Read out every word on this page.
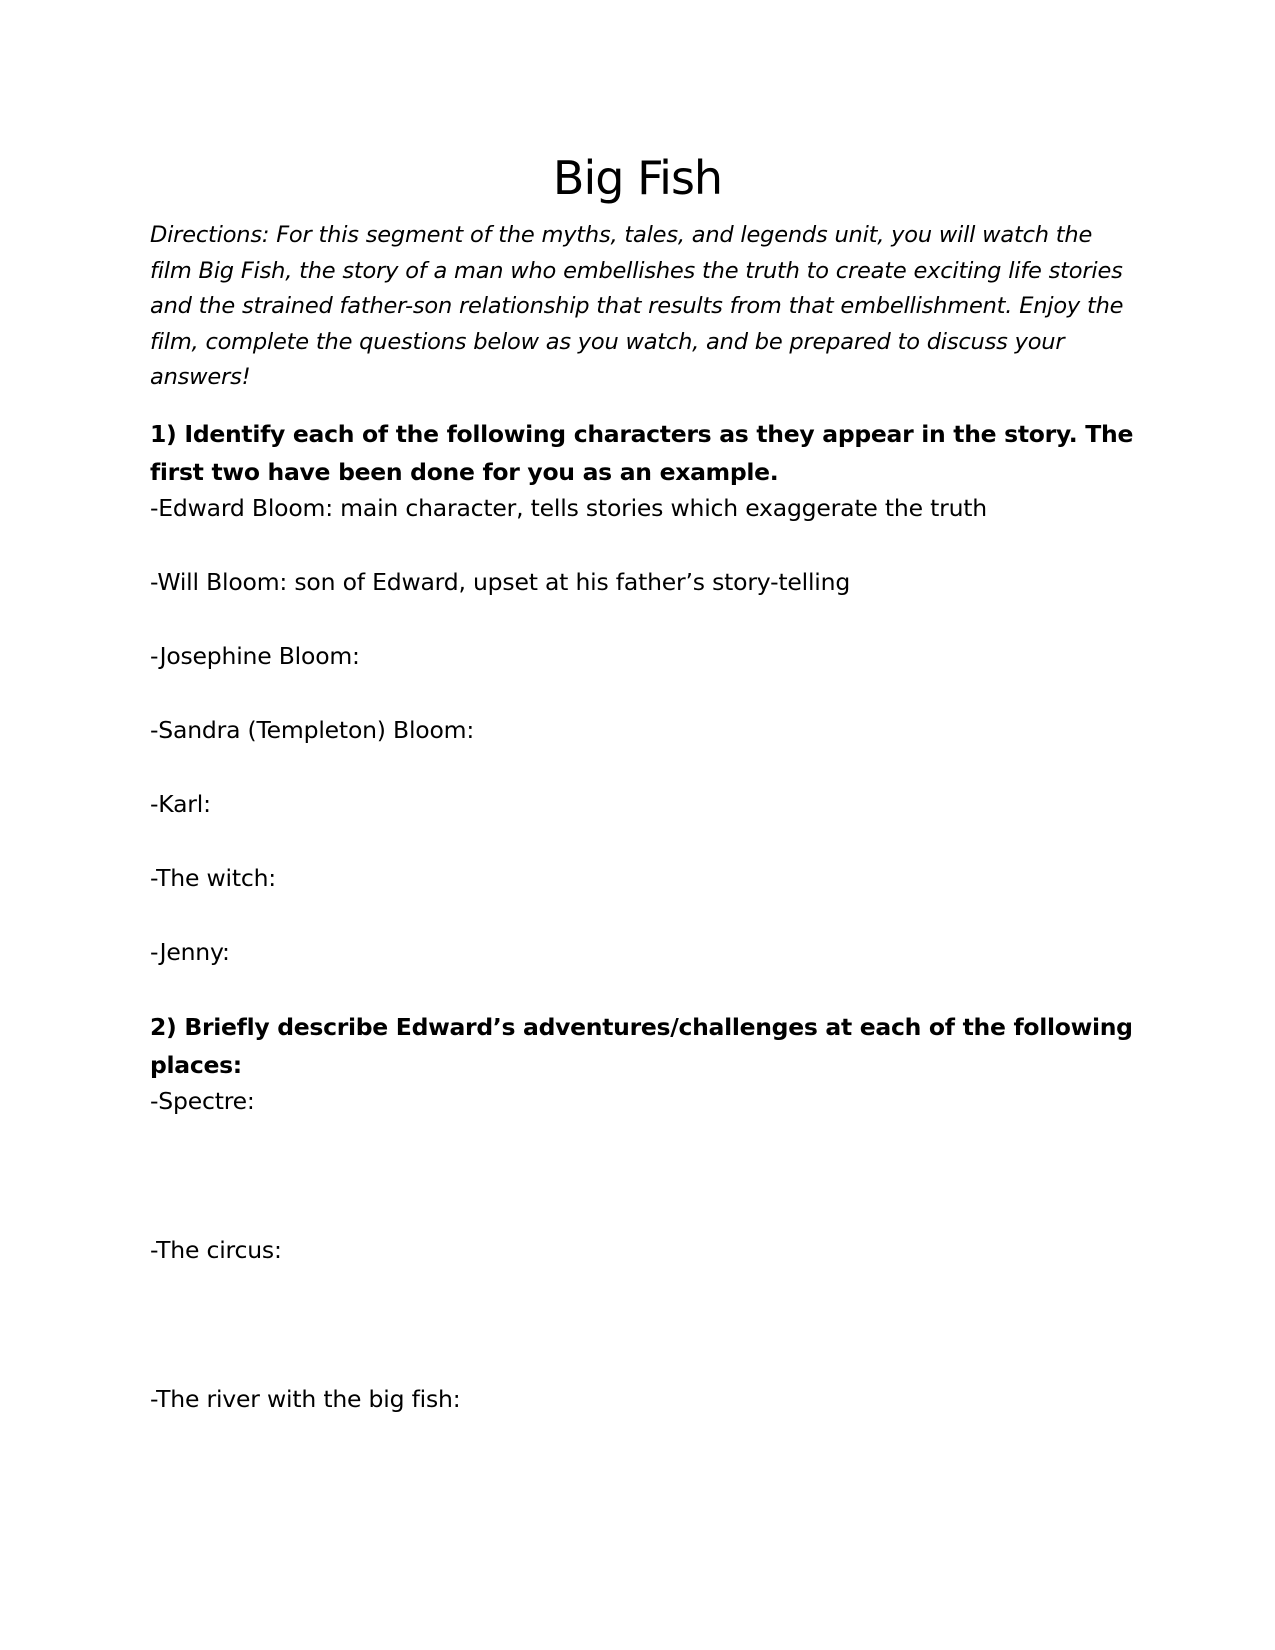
Big Fish
Directions: For this segment of the myths, tales, and legends unit, you will watch the film Big Fish, the story of a man who embellishes the truth to create exciting life stories and the strained father-son relationship that results from that embellishment. Enjoy the film, complete the questions below as you watch, and be prepared to discuss your answers!
1) Identify each of the following characters as they appear in the story. The first two have been done for you as an example.
-Edward Bloom: main character, tells stories which exaggerate the truth
-Will Bloom: son of Edward, upset at his father’s story-telling
-Josephine Bloom:
-Sandra (Templeton) Bloom:
-Karl:
-The witch:
-Jenny:
2) Briefly describe Edward’s adventures/challenges at each of the following places:
-Spectre:
-The circus:
-The river with the big fish:
